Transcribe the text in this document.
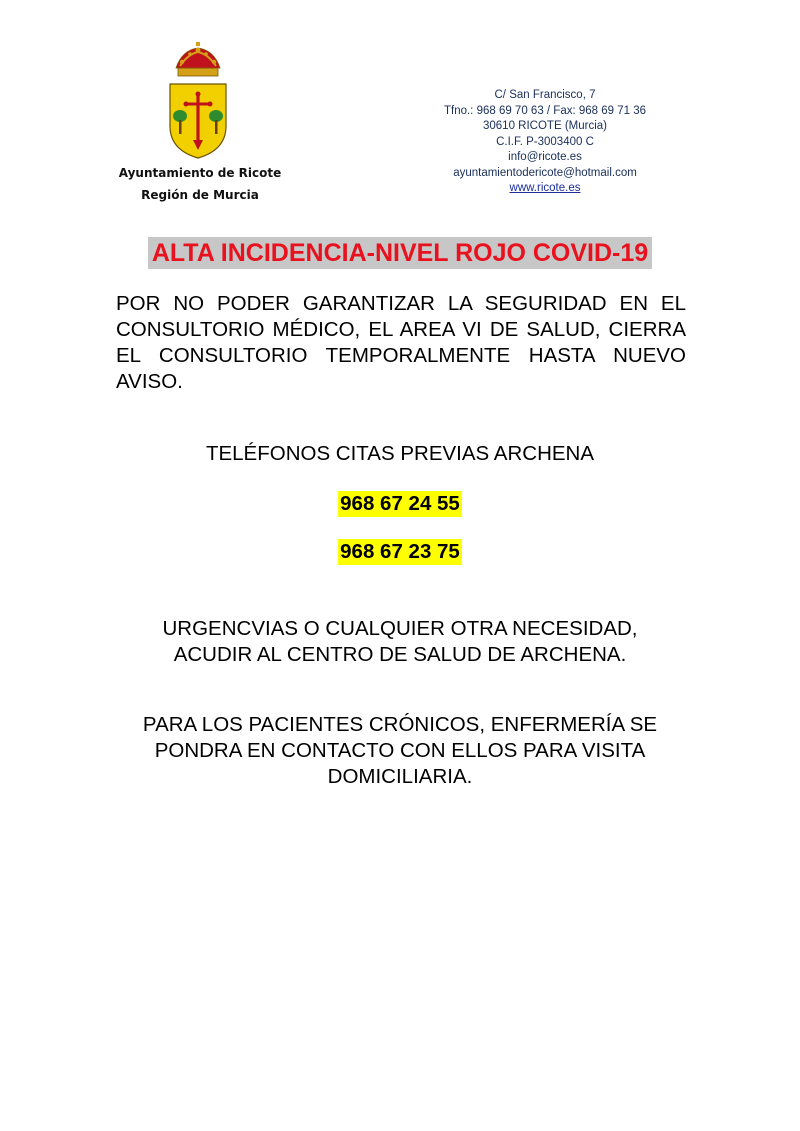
Ayuntamiento de Ricote
Región de Murcia
C/ San Francisco, 7
Tfno.: 968 69 70 63 / Fax: 968 69 71 36
30610 RICOTE (Murcia)
C.I.F. P-3003400 C
info@ricote.es
ayuntamientodericote@hotmail.com
www.ricote.es
ALTA INCIDENCIA-NIVEL ROJO COVID-19
POR NO PODER GARANTIZAR LA SEGURIDAD EN EL CONSULTORIO MÉDICO, EL AREA VI DE SALUD, CIERRA EL CONSULTORIO TEMPORALMENTE HASTA NUEVO AVISO.
TELÉFONOS CITAS PREVIAS ARCHENA
968 67 24 55
968 67 23 75
URGENCVIAS O CUALQUIER OTRA NECESIDAD,
ACUDIR AL CENTRO DE SALUD DE ARCHENA.
PARA LOS PACIENTES CRÓNICOS, ENFERMERÍA SE
PONDRA EN CONTACTO CON ELLOS PARA VISITA
DOMICILIARIA.
